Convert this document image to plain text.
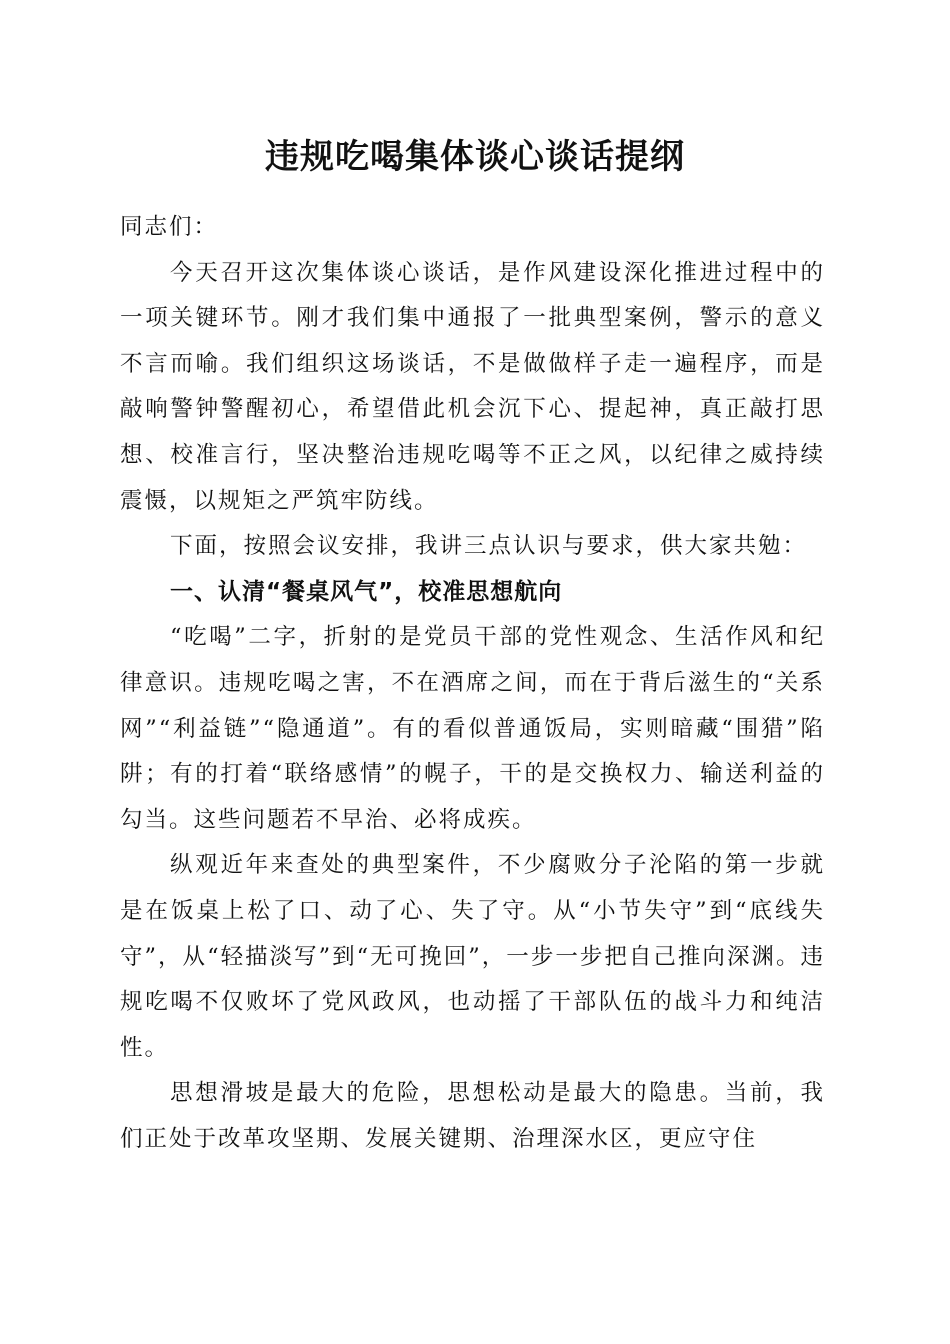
违规吃喝集体谈心谈话提纲

同志们：

今天召开这次集体谈心谈话，是作风建设深化推进过程中的一项关键环节。刚才我们集中通报了一批典型案例，警示的意义不言而喻。我们组织这场谈话，不是做做样子走一遍程序，而是敲响警钟警醒初心，希望借此机会沉下心、提起神，真正敲打思想、校准言行，坚决整治违规吃喝等不正之风，以纪律之威持续震慑，以规矩之严筑牢防线。

下面，按照会议安排，我讲三点认识与要求，供大家共勉：

一、认清“餐桌风气”，校准思想航向

“吃喝”二字，折射的是党员干部的党性观念、生活作风和纪律意识。违规吃喝之害，不在酒席之间，而在于背后滋生的“关系网”“利益链”“隐通道”。有的看似普通饭局，实则暗藏“围猎”陷阱；有的打着“联络感情”的幌子，干的是交换权力、输送利益的勾当。这些问题若不早治、必将成疾。

纵观近年来查处的典型案件，不少腐败分子沦陷的第一步就是在饭桌上松了口、动了心、失了守。从“小节失守”到“底线失守”，从“轻描淡写”到“无可挽回”，一步一步把自己推向深渊。违规吃喝不仅败坏了党风政风，也动摇了干部队伍的战斗力和纯洁性。

思想滑坡是最大的危险，思想松动是最大的隐患。当前，我们正处于改革攻坚期、发展关键期、治理深水区，更应守住
